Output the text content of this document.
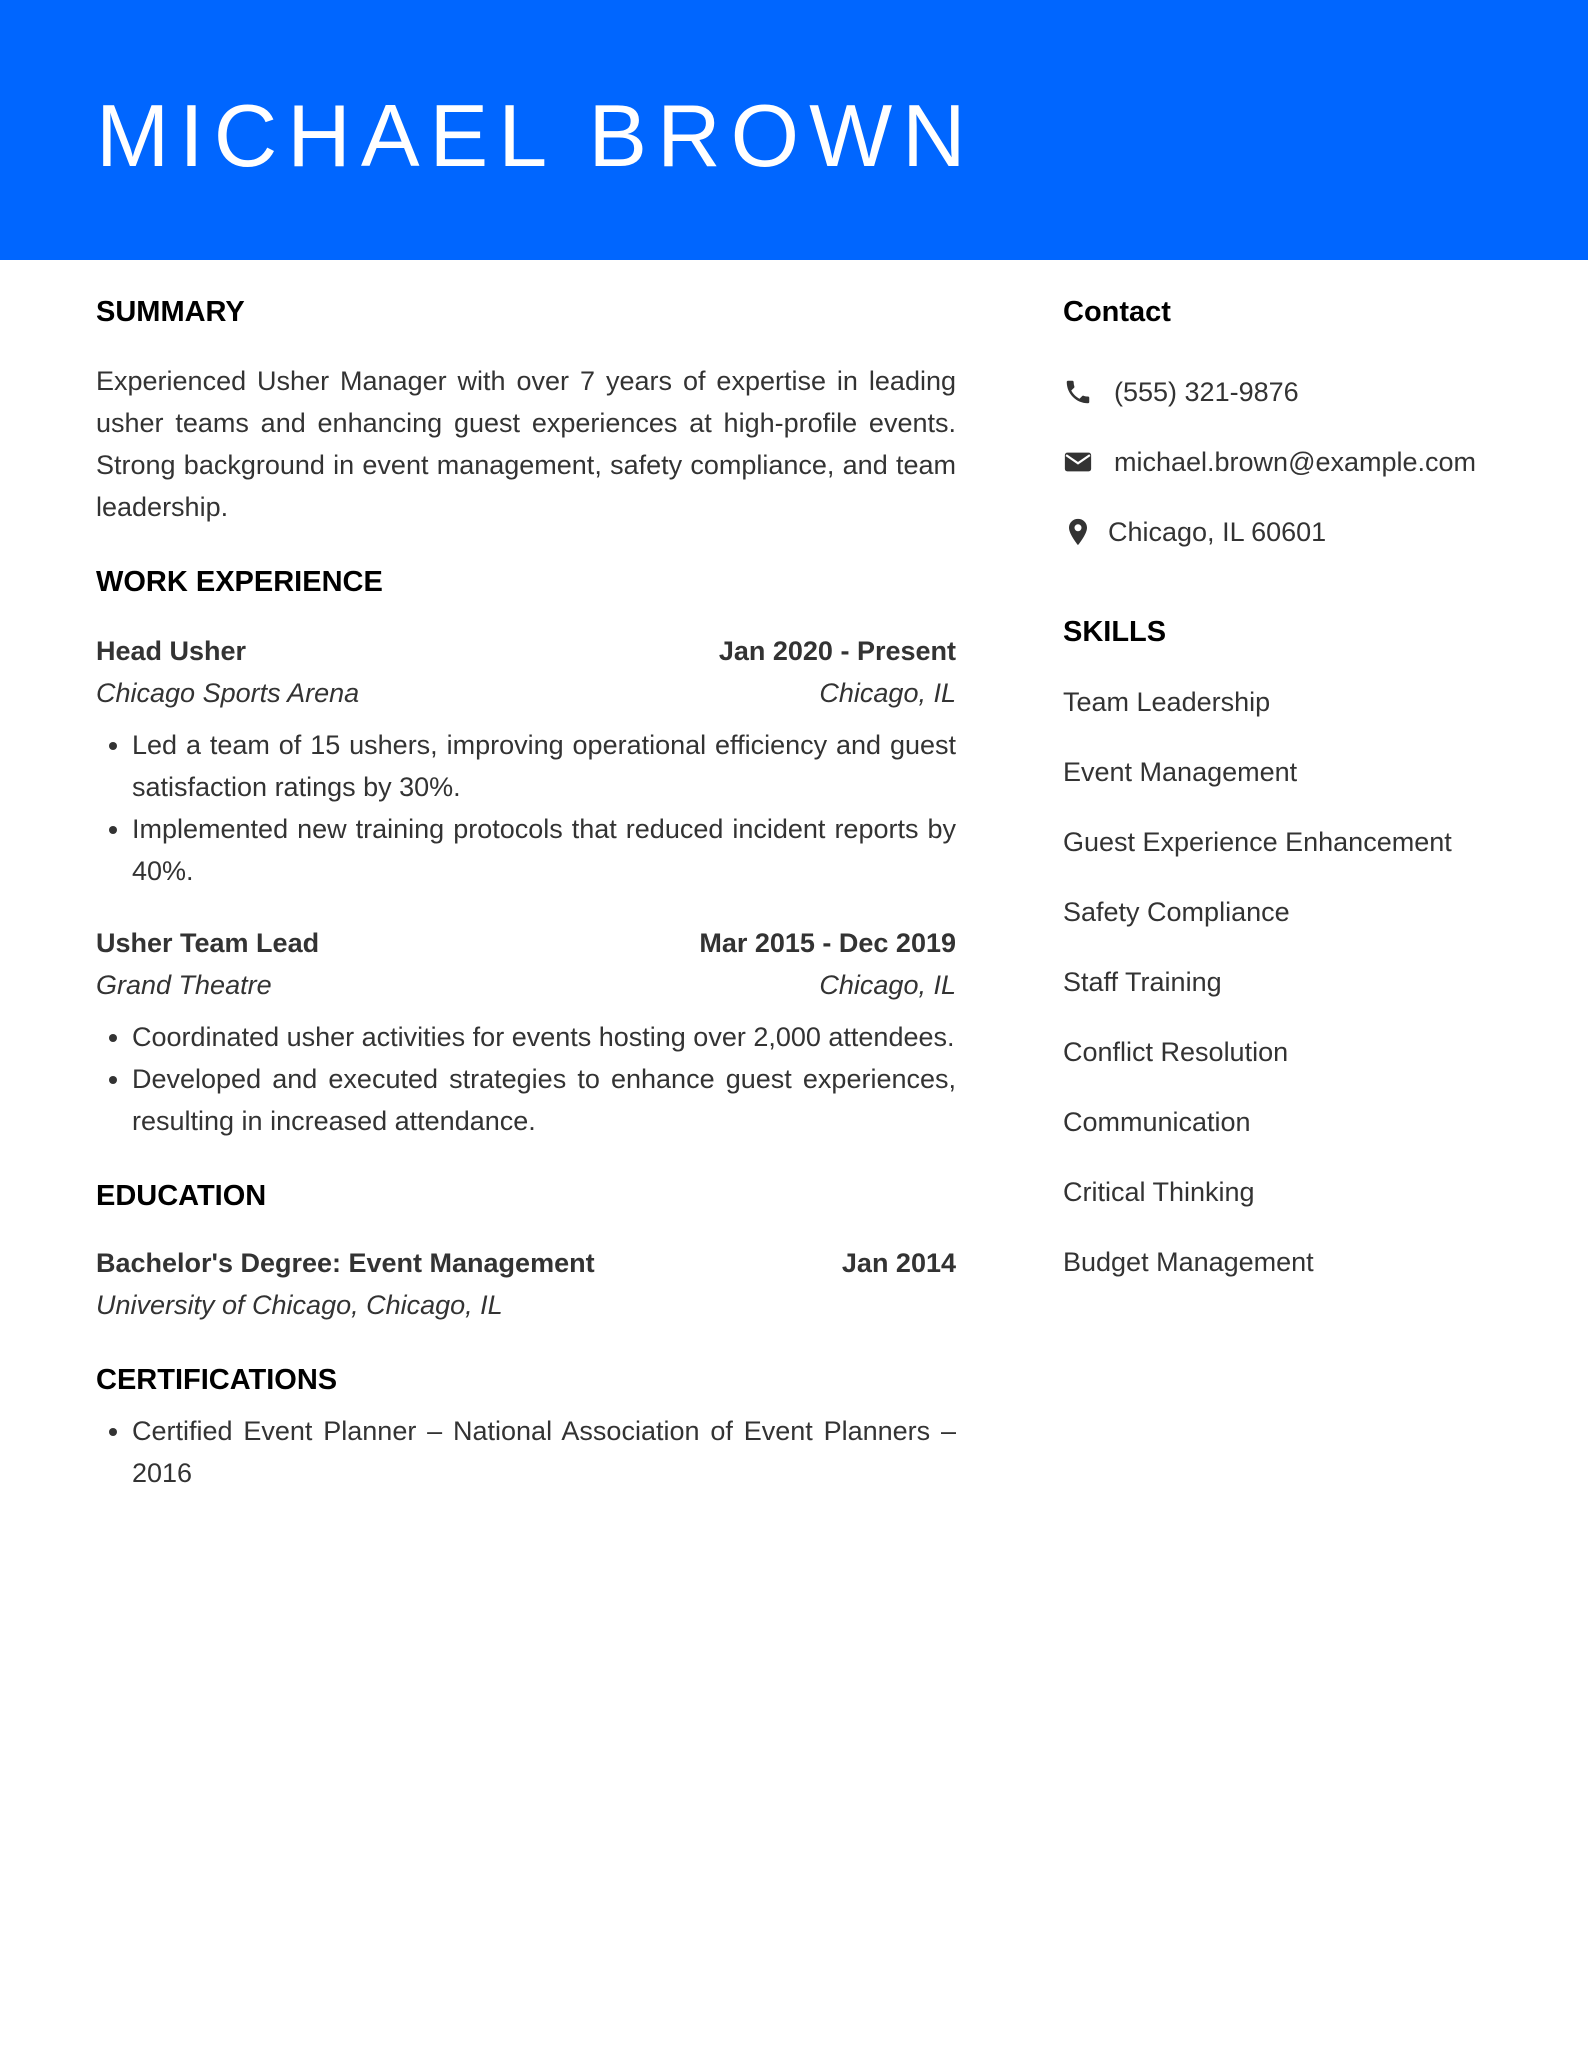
MICHAEL BROWN
SUMMARY

Experienced Usher Manager with over 7 years of expertise in leading usher teams and enhancing guest experiences at high-profile events. Strong background in event management, safety compliance, and team leadership.

WORK EXPERIENCE
Head Usher	Jan 2020 - Present
Chicago Sports Arena	Chicago, IL
• Led a team of 15 ushers, improving operational efficiency and guest satisfaction ratings by 30%.
• Implemented new training protocols that reduced incident reports by 40%.
Usher Team Lead	Mar 2015 - Dec 2019
Grand Theatre	Chicago, IL
• Coordinated usher activities for events hosting over 2,000 attendees.
• Developed and executed strategies to enhance guest experiences, resulting in increased attendance.
EDUCATION
Bachelor's Degree: Event Management	Jan 2014
University of Chicago, Chicago, IL
CERTIFICATIONS
• Certified Event Planner – National Association of Event Planners – 2016
Contact
(555) 321-9876
michael.brown@example.com
Chicago, IL 60601
SKILLS
Team Leadership
Event Management
Guest Experience Enhancement
Safety Compliance
Staff Training
Conflict Resolution
Communication
Critical Thinking
Budget Management
